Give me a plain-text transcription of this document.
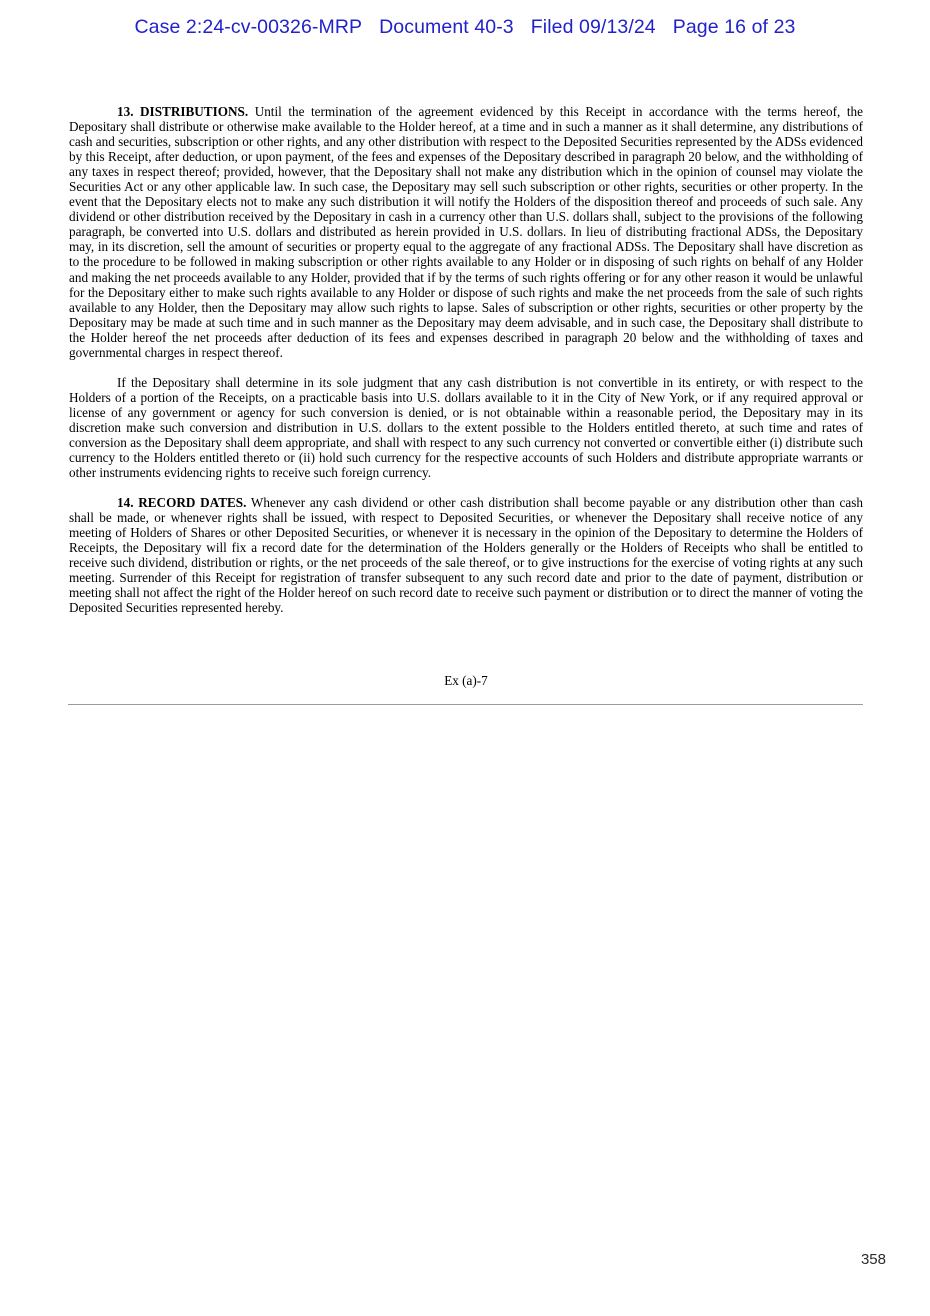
Case 2:24-cv-00326-MRP Document 40-3 Filed 09/13/24 Page 16 of 23

13. DISTRIBUTIONS. Until the termination of the agreement evidenced by this Receipt in accordance with the terms hereof, the Depositary shall distribute or otherwise make available to the Holder hereof, at a time and in such a manner as it shall determine, any distributions of cash and securities, subscription or other rights, and any other distribution with respect to the Deposited Securities represented by the ADSs evidenced by this Receipt, after deduction, or upon payment, of the fees and expenses of the Depositary described in paragraph 20 below, and the withholding of any taxes in respect thereof; provided, however, that the Depositary shall not make any distribution which in the opinion of counsel may violate the Securities Act or any other applicable law. In such case, the Depositary may sell such subscription or other rights, securities or other property. In the event that the Depositary elects not to make any such distribution it will notify the Holders of the disposition thereof and proceeds of such sale. Any dividend or other distribution received by the Depositary in cash in a currency other than U.S. dollars shall, subject to the provisions of the following paragraph, be converted into U.S. dollars and distributed as herein provided in U.S. dollars. In lieu of distributing fractional ADSs, the Depositary may, in its discretion, sell the amount of securities or property equal to the aggregate of any fractional ADSs. The Depositary shall have discretion as to the procedure to be followed in making subscription or other rights available to any Holder or in disposing of such rights on behalf of any Holder and making the net proceeds available to any Holder, provided that if by the terms of such rights offering or for any other reason it would be unlawful for the Depositary either to make such rights available to any Holder or dispose of such rights and make the net proceeds from the sale of such rights available to any Holder, then the Depositary may allow such rights to lapse. Sales of subscription or other rights, securities or other property by the Depositary may be made at such time and in such manner as the Depositary may deem advisable, and in such case, the Depositary shall distribute to the Holder hereof the net proceeds after deduction of its fees and expenses described in paragraph 20 below and the withholding of taxes and governmental charges in respect thereof.

If the Depositary shall determine in its sole judgment that any cash distribution is not convertible in its entirety, or with respect to the Holders of a portion of the Receipts, on a practicable basis into U.S. dollars available to it in the City of New York, or if any required approval or license of any government or agency for such conversion is denied, or is not obtainable within a reasonable period, the Depositary may in its discretion make such conversion and distribution in U.S. dollars to the extent possible to the Holders entitled thereto, at such time and rates of conversion as the Depositary shall deem appropriate, and shall with respect to any such currency not converted or convertible either (i) distribute such currency to the Holders entitled thereto or (ii) hold such currency for the respective accounts of such Holders and distribute appropriate warrants or other instruments evidencing rights to receive such foreign currency.

14. RECORD DATES. Whenever any cash dividend or other cash distribution shall become payable or any distribution other than cash shall be made, or whenever rights shall be issued, with respect to Deposited Securities, or whenever the Depositary shall receive notice of any meeting of Holders of Shares or other Deposited Securities, or whenever it is necessary in the opinion of the Depositary to determine the Holders of Receipts, the Depositary will fix a record date for the determination of the Holders generally or the Holders of Receipts who shall be entitled to receive such dividend, distribution or rights, or the net proceeds of the sale thereof, or to give instructions for the exercise of voting rights at any such meeting. Surrender of this Receipt for registration of transfer subsequent to any such record date and prior to the date of payment, distribution or meeting shall not affect the right of the Holder hereof on such record date to receive such payment or distribution or to direct the manner of voting the Deposited Securities represented hereby.

Ex (a)-7
358
